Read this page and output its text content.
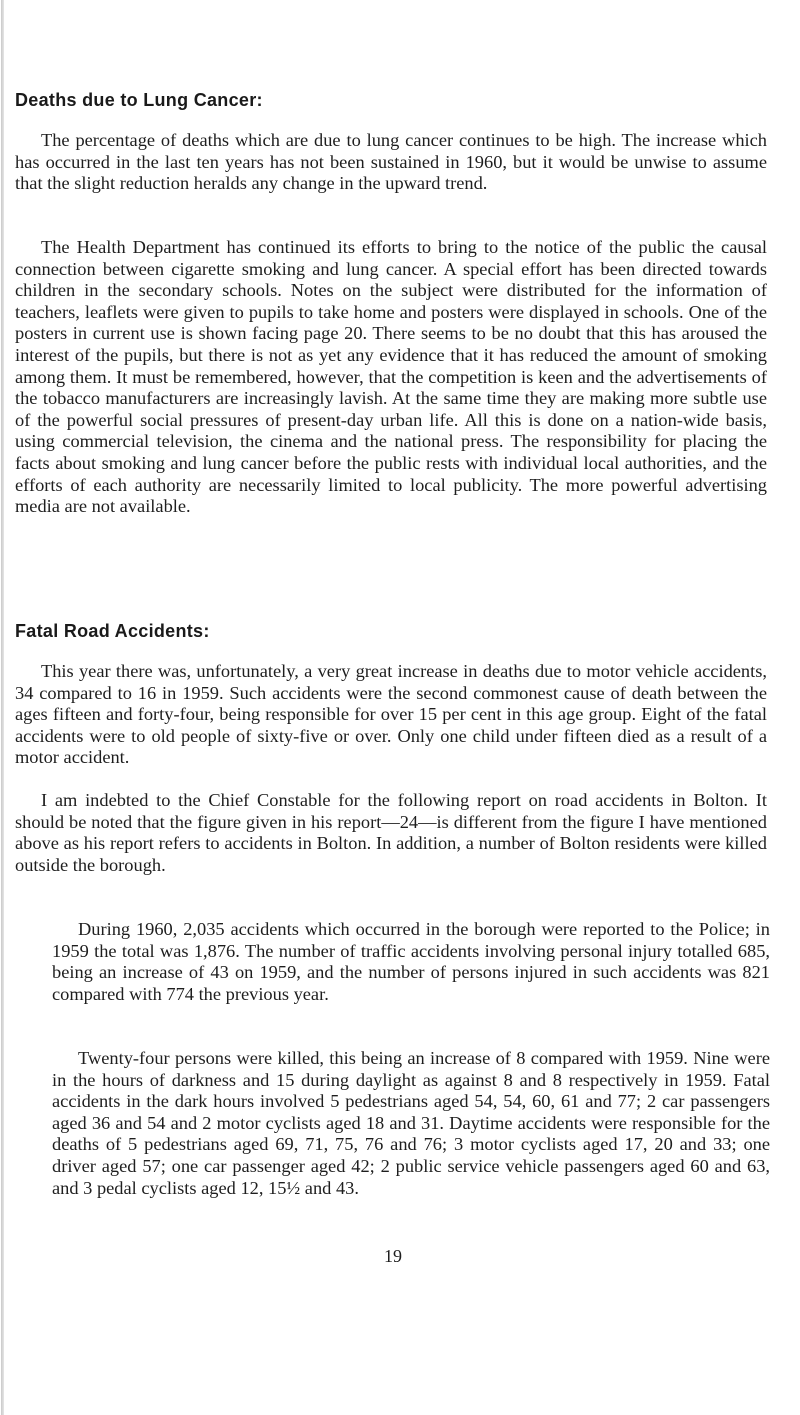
Deaths due to Lung Cancer:

The percentage of deaths which are due to lung cancer continues to be high. The increase which has occurred in the last ten years has not been sustained in 1960, but it would be unwise to assume that the slight reduction heralds any change in the upward trend.

The Health Department has continued its efforts to bring to the notice of the public the causal connection between cigarette smoking and lung cancer. A special effort has been directed towards children in the secondary schools. Notes on the subject were distributed for the information of teachers, leaflets were given to pupils to take home and posters were displayed in schools. One of the posters in current use is shown facing page 20. There seems to be no doubt that this has aroused the interest of the pupils, but there is not as yet any evidence that it has reduced the amount of smoking among them. It must be remembered, however, that the competition is keen and the advertisements of the tobacco manufacturers are increasingly lavish. At the same time they are making more subtle use of the powerful social pressures of present-day urban life. All this is done on a nation-wide basis, using commercial television, the cinema and the national press. The responsibility for placing the facts about smoking and lung cancer before the public rests with individual local authorities, and the efforts of each authority are necessarily limited to local publicity. The more powerful advertising media are not available.

Fatal Road Accidents:

This year there was, unfortunately, a very great increase in deaths due to motor vehicle accidents, 34 compared to 16 in 1959. Such accidents were the second commonest cause of death between the ages fifteen and forty-four, being responsible for over 15 per cent in this age group. Eight of the fatal accidents were to old people of sixty-five or over. Only one child under fifteen died as a result of a motor accident.

I am indebted to the Chief Constable for the following report on road accidents in Bolton. It should be noted that the figure given in his report—24—is different from the figure I have mentioned above as his report refers to accidents in Bolton. In addition, a number of Bolton residents were killed outside the borough.

During 1960, 2,035 accidents which occurred in the borough were reported to the Police; in 1959 the total was 1,876. The number of traffic accidents involving personal injury totalled 685, being an increase of 43 on 1959, and the number of persons injured in such accidents was 821 compared with 774 the previous year.

Twenty-four persons were killed, this being an increase of 8 compared with 1959. Nine were in the hours of darkness and 15 during daylight as against 8 and 8 respectively in 1959. Fatal accidents in the dark hours involved 5 pedestrians aged 54, 54, 60, 61 and 77; 2 car passengers aged 36 and 54 and 2 motor cyclists aged 18 and 31. Daytime accidents were responsible for the deaths of 5 pedestrians aged 69, 71, 75, 76 and 76; 3 motor cyclists aged 17, 20 and 33; one driver aged 57; one car passenger aged 42; 2 public service vehicle passengers aged 60 and 63, and 3 pedal cyclists aged 12, 15½ and 43.

19
